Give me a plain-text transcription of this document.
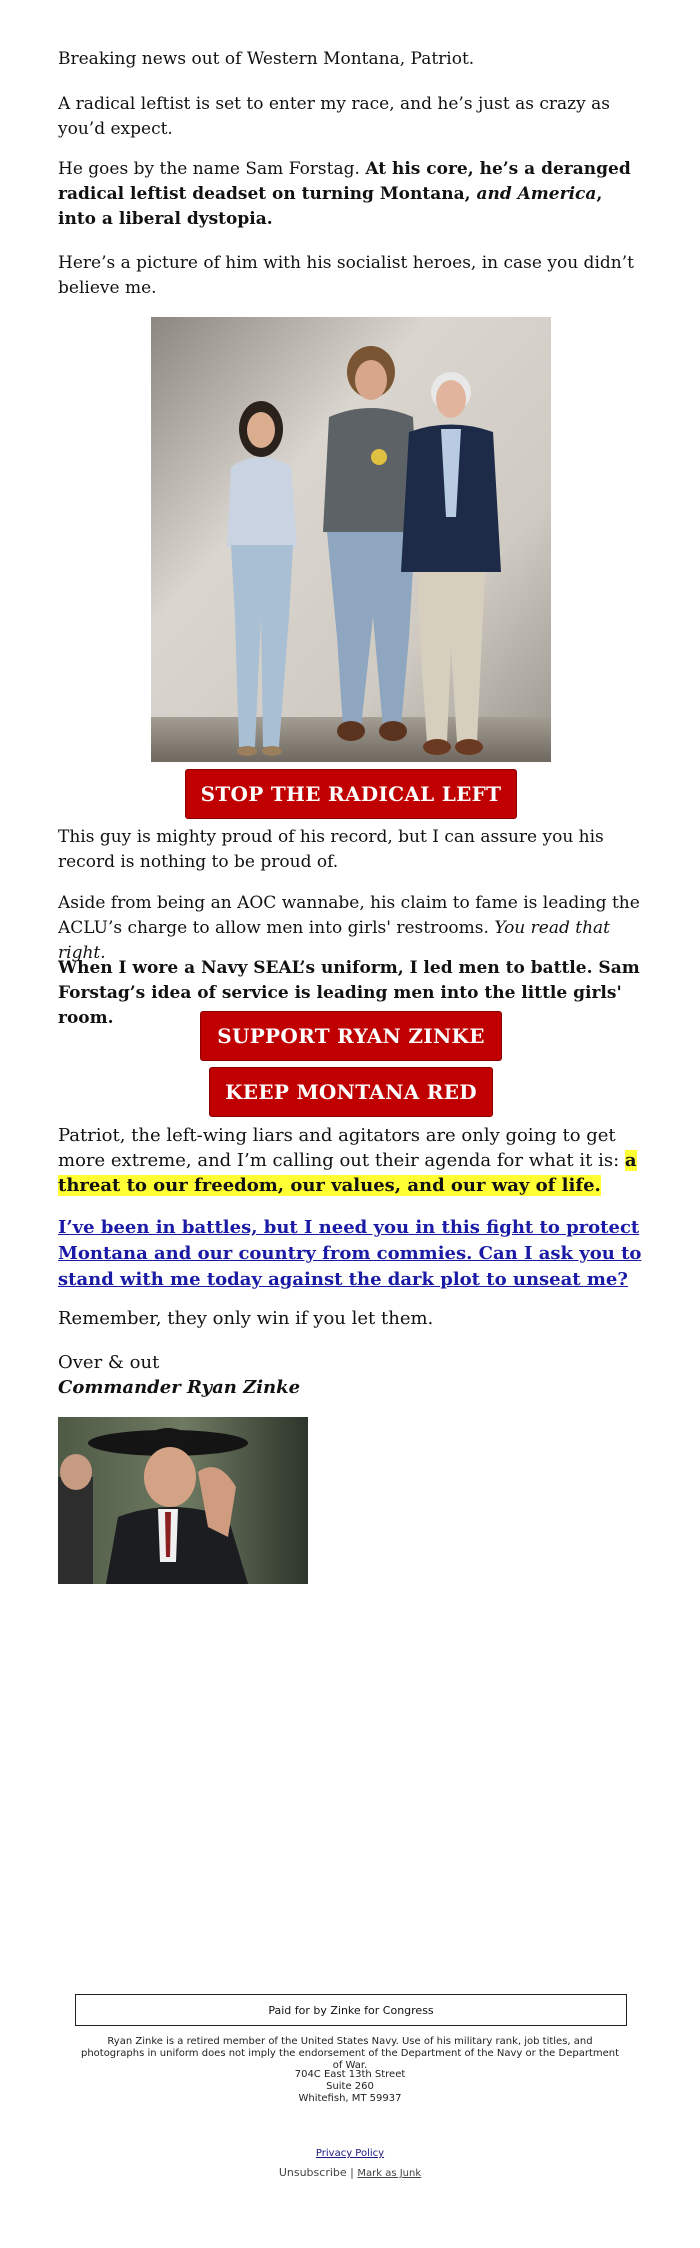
Breaking news out of Western Montana, Patriot.

A radical leftist is set to enter my race, and he’s just as crazy as you’d expect.

He goes by the name Sam Forstag. At his core, he’s a deranged radical leftist deadset on turning Montana, and America, into a liberal dystopia.

Here’s a picture of him with his socialist heroes, in case you didn’t believe me.

This guy is mighty proud of his record, but I can assure you his record is nothing to be proud of.

Aside from being an AOC wannabe, his claim to fame is leading the ACLU’s charge to allow men into girls' restrooms. You read that right.

When I wore a Navy SEAL’s uniform, I led men to battle. Sam Forstag’s idea of service is leading men into the little girls' room.

Patriot, the left-wing liars and agitators are only going to get more extreme, and I’m calling out their agenda for what it is: a threat to our freedom, our values, and our way of life.

I’ve been in battles, but I need you in this fight to protect Montana and our country from commies. Can I ask you to stand with me today against the dark plot to unseat me?

Remember, they only win if you let them.

Over & out
Commander Ryan Zinke

STOP THE RADICAL LEFT
SUPPORT RYAN ZINKE
KEEP MONTANA RED
Paid for by Zinke for Congress
Ryan Zinke is a retired member of the United States Navy. Use of his military rank, job titles, and photographs in uniform does not imply the endorsement of the Department of the Navy or the Department of War.
704C East 13th Street
Suite 260
Whitefish, MT 59937
Privacy Policy
Unsubscribe | Mark as Junk
